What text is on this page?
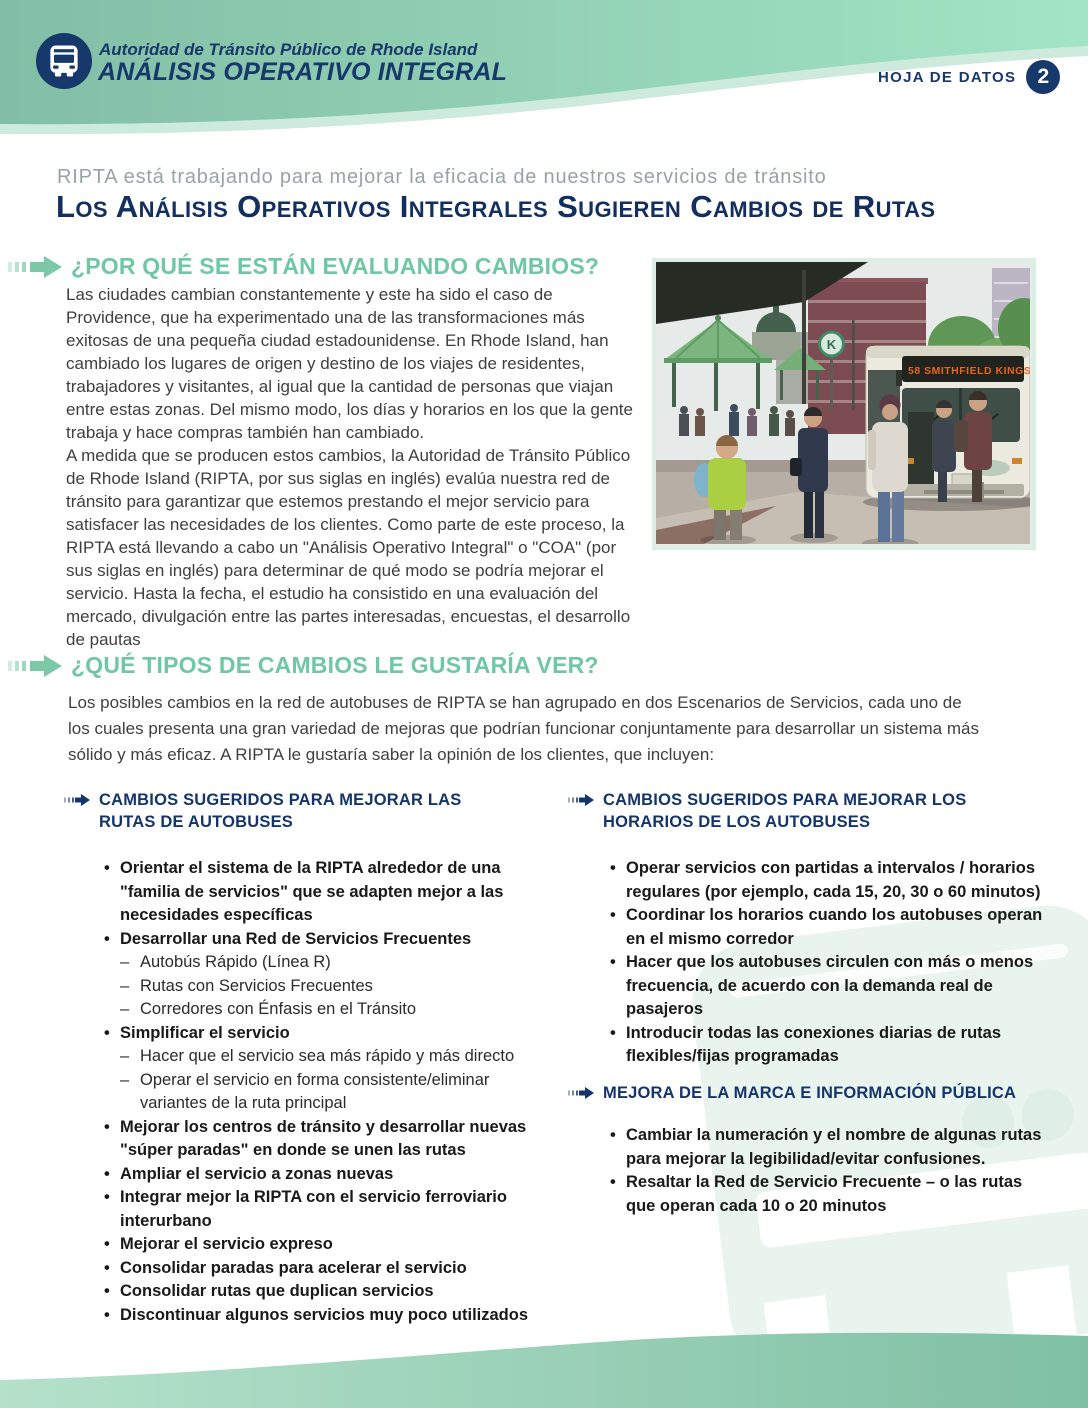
Autoridad de Tránsito Público de Rhode Island
ANÁLISIS OPERATIVO INTEGRAL	HOJA DE DATOS	2
RIPTA está trabajando para mejorar la eficacia de nuestros servicios de tránsito
Los Análisis Operativos Integrales Sugieren Cambios de Rutas
¿POR QUÉ SE ESTÁN EVALUANDO CAMBIOS?

Las ciudades cambian constantemente y este ha sido el caso de Providence, que ha experimentado una de las transformaciones más exitosas de una pequeña ciudad estadounidense. En Rhode Island, han cambiado los lugares de origen y destino de los viajes de residentes, trabajadores y visitantes, al igual que la cantidad de personas que viajan entre estas zonas. Del mismo modo, los días y horarios en los que la gente trabaja y hace compras también han cambiado.

A medida que se producen estos cambios, la Autoridad de Tránsito Público de Rhode Island (RIPTA, por sus siglas en inglés) evalúa nuestra red de tránsito para garantizar que estemos prestando el mejor servicio para satisfacer las necesidades de los clientes. Como parte de este proceso, la RIPTA está llevando a cabo un "Análisis Operativo Integral" o "COA" (por sus siglas en inglés) para determinar de qué modo se podría mejorar el servicio. Hasta la fecha, el estudio ha consistido en una evaluación del mercado, divulgación entre las partes interesadas, encuestas, el desarrollo de pautas

K
58 SMITHFIELD KINGS
¿QUÉ TIPOS DE CAMBIOS LE GUSTARÍA VER?
Los posibles cambios en la red de autobuses de RIPTA se han agrupado en dos Escenarios de Servicios, cada uno de los cuales presenta una gran variedad de mejoras que podrían funcionar conjuntamente para desarrollar un sistema más sólido y más eficaz. A RIPTA le gustaría saber la opinión de los clientes, que incluyen:
CAMBIOS SUGERIDOS PARA MEJORAR LAS RUTAS DE AUTOBUSES
• Orientar el sistema de la RIPTA alrededor de una "familia de servicios" que se adapten mejor a las necesidades específicas
• Desarrollar una Red de Servicios Frecuentes
– Autobús Rápido (Línea R)
– Rutas con Servicios Frecuentes
– Corredores con Énfasis en el Tránsito
• Simplificar el servicio
– Hacer que el servicio sea más rápido y más directo
– Operar el servicio en forma consistente/eliminar variantes de la ruta principal
• Mejorar los centros de tránsito y desarrollar nuevas "súper paradas" en donde se unen las rutas
• Ampliar el servicio a zonas nuevas
• Integrar mejor la RIPTA con el servicio ferroviario interurbano
• Mejorar el servicio expreso
• Consolidar paradas para acelerar el servicio
• Consolidar rutas que duplican servicios
• Discontinuar algunos servicios muy poco utilizados
CAMBIOS SUGERIDOS PARA MEJORAR LOS HORARIOS DE LOS AUTOBUSES
• Operar servicios con partidas a intervalos / horarios regulares (por ejemplo, cada 15, 20, 30 o 60 minutos)
• Coordinar los horarios cuando los autobuses operan en el mismo corredor
• Hacer que los autobuses circulen con más o menos frecuencia, de acuerdo con la demanda real de pasajeros
• Introducir todas las conexiones diarias de rutas flexibles/fijas programadas
MEJORA DE LA MARCA E INFORMACIÓN PÚBLICA
• Cambiar la numeración y el nombre de algunas rutas para mejorar la legibilidad/evitar confusiones.
• Resaltar la Red de Servicio Frecuente – o las rutas que operan cada 10 o 20 minutos
